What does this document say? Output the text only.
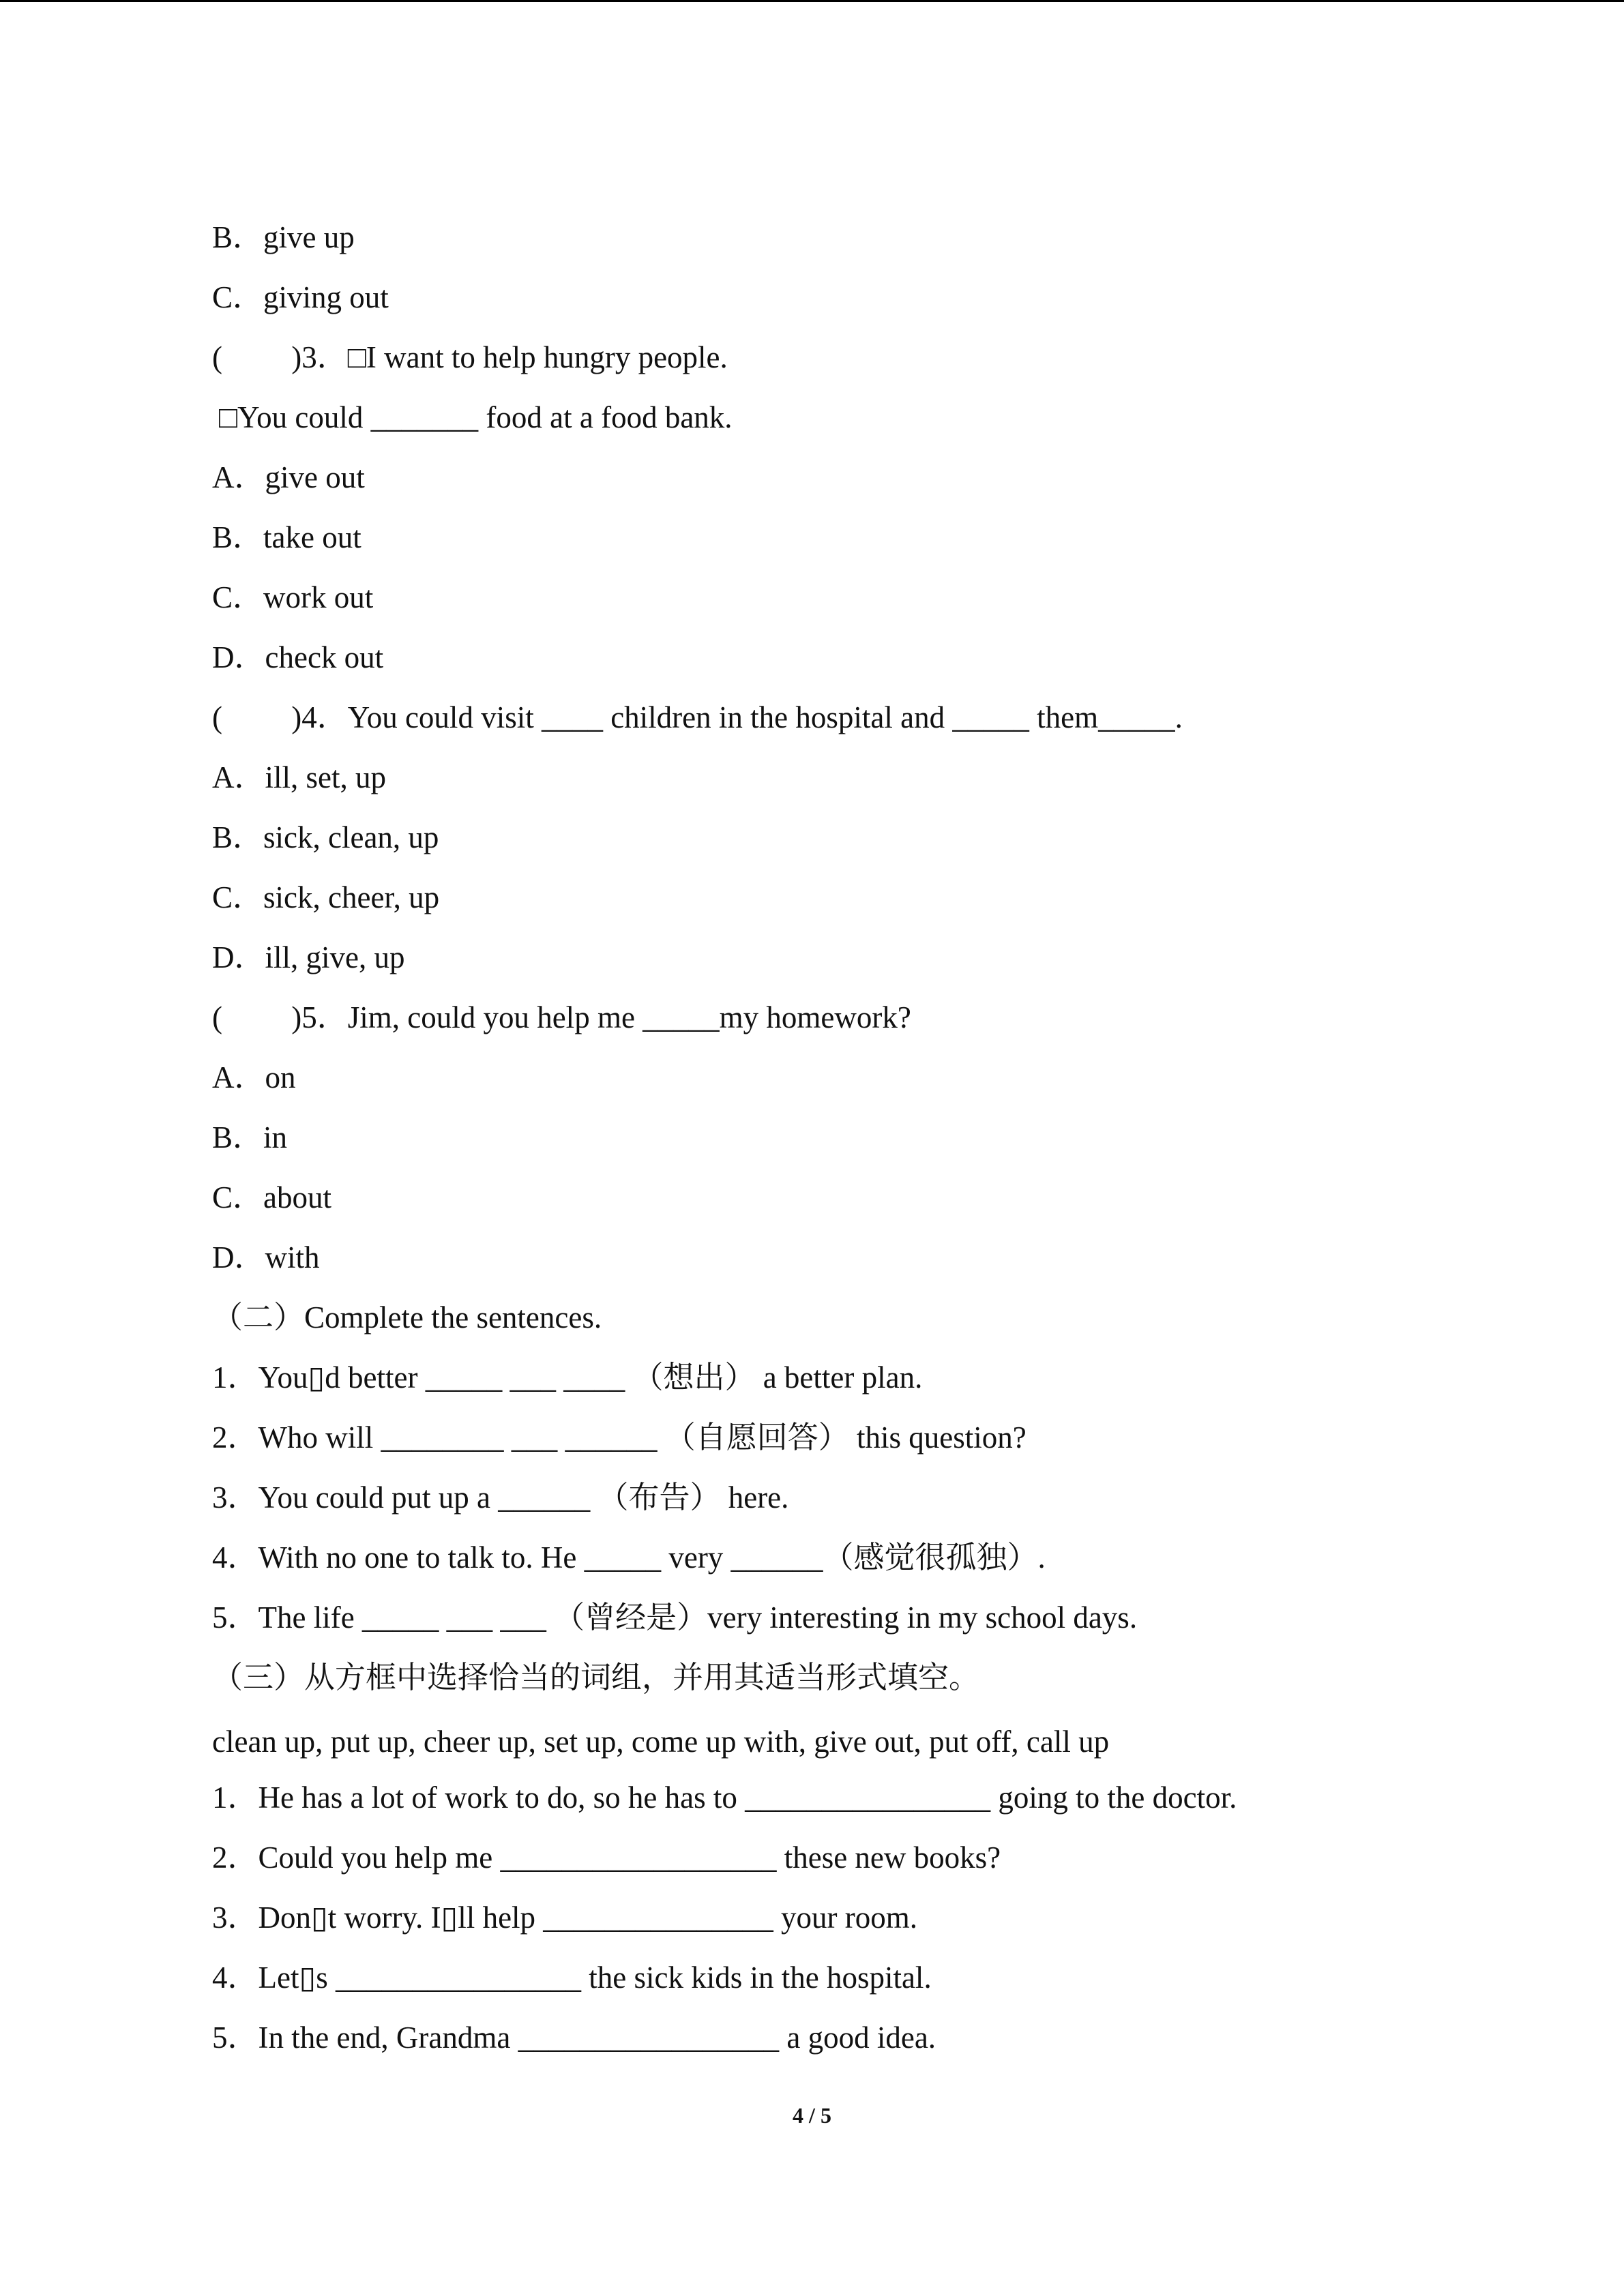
B．give up
C．giving out
(         )3．□I want to help hungry people.
□You could _______ food at a food bank.
A．give out
B．take out
C．work out
D．check out
(         )4．You could visit ____ children in the hospital and _____ them_____.
A．ill, set, up
B．sick, clean, up
C．sick, cheer, up
D．ill, give, up
(         )5．Jim, could you help me _____my homework?
A．on
B．in
C．about
D．with
（二）Complete the sentences.
1．You▯d better _____ ___ ____ （想出） a better plan.
2．Who will ________ ___ ______ （自愿回答） this question?
3．You could put up a ______ （布告） here.
4．With no one to talk to. He _____ very ______（感觉很孤独）.
5．The life _____ ___ ___ （曾经是）very interesting in my school days.
（三）从方框中选择恰当的词组，并用其适当形式填空。
clean up, put up, cheer up, set up, come up with, give out, put off, call up
1．He has a lot of work to do, so he has to ________________ going to the doctor.
2．Could you help me __________________ these new books?
3．Don▯t worry. I▯ll help _______________ your room.
4．Let▯s ________________ the sick kids in the hospital.
5．In the end, Grandma _________________ a good idea.
4 / 5
